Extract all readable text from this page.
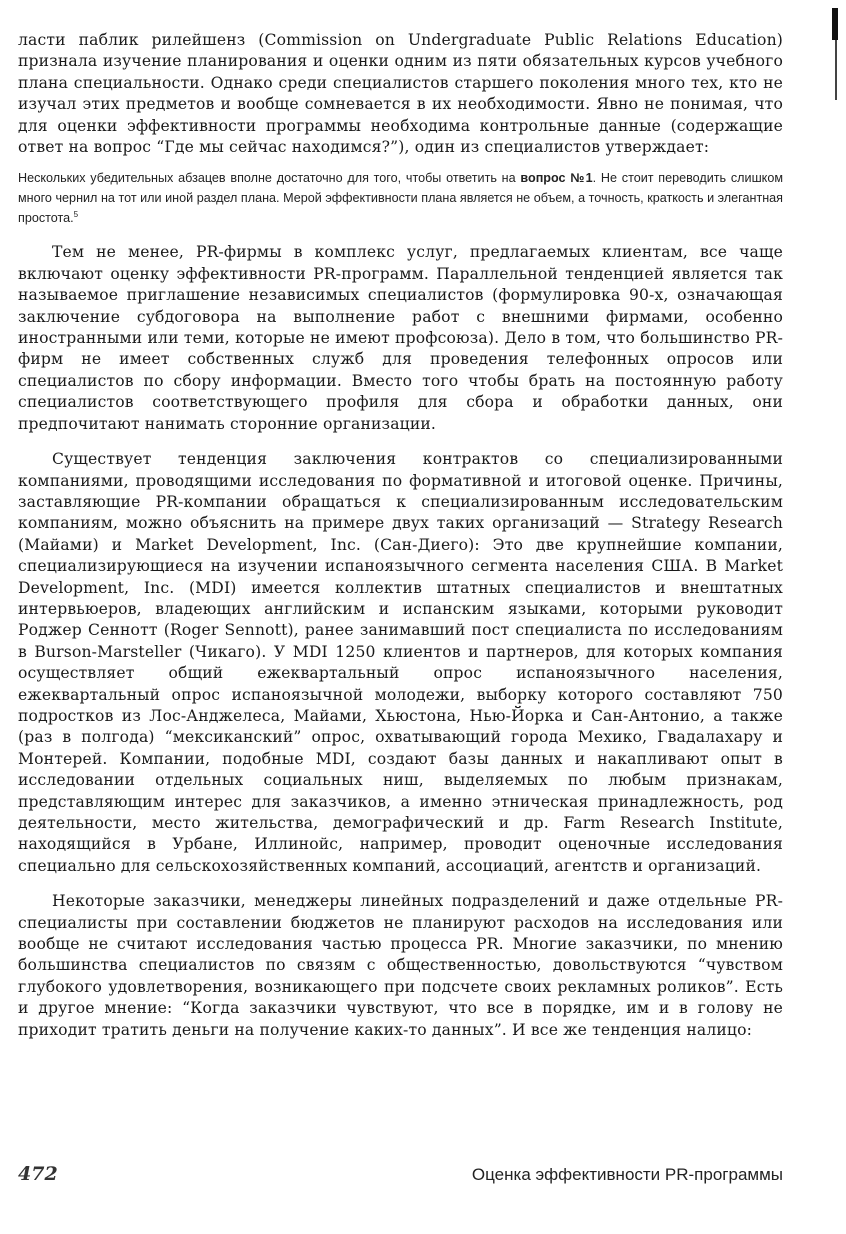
ласти паблик рилейшенз (Commission on Undergraduate Public Relations Education) признала изучение планирования и оценки одним из пяти обязательных курсов учебного плана специальности. Однако среди специалистов старшего поколения много тех, кто не изучал этих предметов и вообще сомневается в их необходимости. Явно не понимая, что для оценки эффективности программы необходима контрольные данные (содержащие ответ на вопрос “Где мы сейчас находимся?”), один из специалистов утверждает:

Нескольких убедительных абзацев вполне достаточно для того, чтобы ответить на вопрос №1. Не стоит переводить слишком много чернил на тот или иной раздел плана. Мерой эффективности плана является не объем, а точность, краткость и элегантная простота.$^5$

Тем не менее, PR-фирмы в комплекс услуг, предлагаемых клиентам, все чаще включают оценку эффективности PR-программ. Параллельной тенденцией является так называемое приглашение независимых специалистов (формулировка 90-х, означающая заключение субдоговора на выполнение работ с внешними фирмами, особенно иностранными или теми, которые не имеют профсоюза). Дело в том, что большинство PR-фирм не имеет собственных служб для проведения телефонных опросов или специалистов по сбору информации. Вместо того чтобы брать на постоянную работу специалистов соответствующего профиля для сбора и обработки данных, они предпочитают нанимать сторонние организации.

Существует тенденция заключения контрактов со специализированными компаниями, проводящими исследования по формативной и итоговой оценке. Причины, заставляющие PR-компании обращаться к специализированным исследовательским компаниям, можно объяснить на примере двух таких организаций — Strategy Research (Майами) и Market Development, Inc. (Сан-Диего): Это две крупнейшие компании, специализирующиеся на изучении испаноязычного сегмента населения США. В Market Development, Inc. (MDI) имеется коллектив штатных специалистов и внештатных интервьюеров, владеющих английским и испанским языками, которыми руководит Роджер Сеннотт (Roger Sennott), ранее занимавший пост специалиста по исследованиям в Burson-Marsteller (Чикаго). У MDI 1250 клиентов и партнеров, для которых компания осуществляет общий ежеквартальный опрос испаноязычного населения, ежеквартальный опрос испаноязычной молодежи, выборку которого составляют 750 подростков из Лос-Анджелеса, Майами, Хьюстона, Нью-Йорка и Сан-Антонио, а также (раз в полгода) “мексиканский” опрос, охватывающий города Мехико, Гвадалахару и Монтерей. Компании, подобные MDI, создают базы данных и накапливают опыт в исследовании отдельных социальных ниш, выделяемых по любым признакам, представляющим интерес для заказчиков, а именно этническая принадлежность, род деятельности, место жительства, демографический и др. Farm Research Institute, находящийся в Урбане, Иллинойс, например, проводит оценочные исследования специально для сельскохозяйственных компаний, ассоциаций, агентств и организаций.

Некоторые заказчики, менеджеры линейных подразделений и даже отдельные PR-специалисты при составлении бюджетов не планируют расходов на исследования или вообще не считают исследования частью процесса PR. Многие заказчики, по мнению большинства специалистов по связям с общественностью, довольствуются “чувством глубокого удовлетворения, возникающего при подсчете своих рекламных роликов”. Есть и другое мнение: “Когда заказчики чувствуют, что все в порядке, им и в голову не приходит тратить деньги на получение каких-то данных”. И все же тенденция налицо:

472	Оценка эффективности PR-программы
